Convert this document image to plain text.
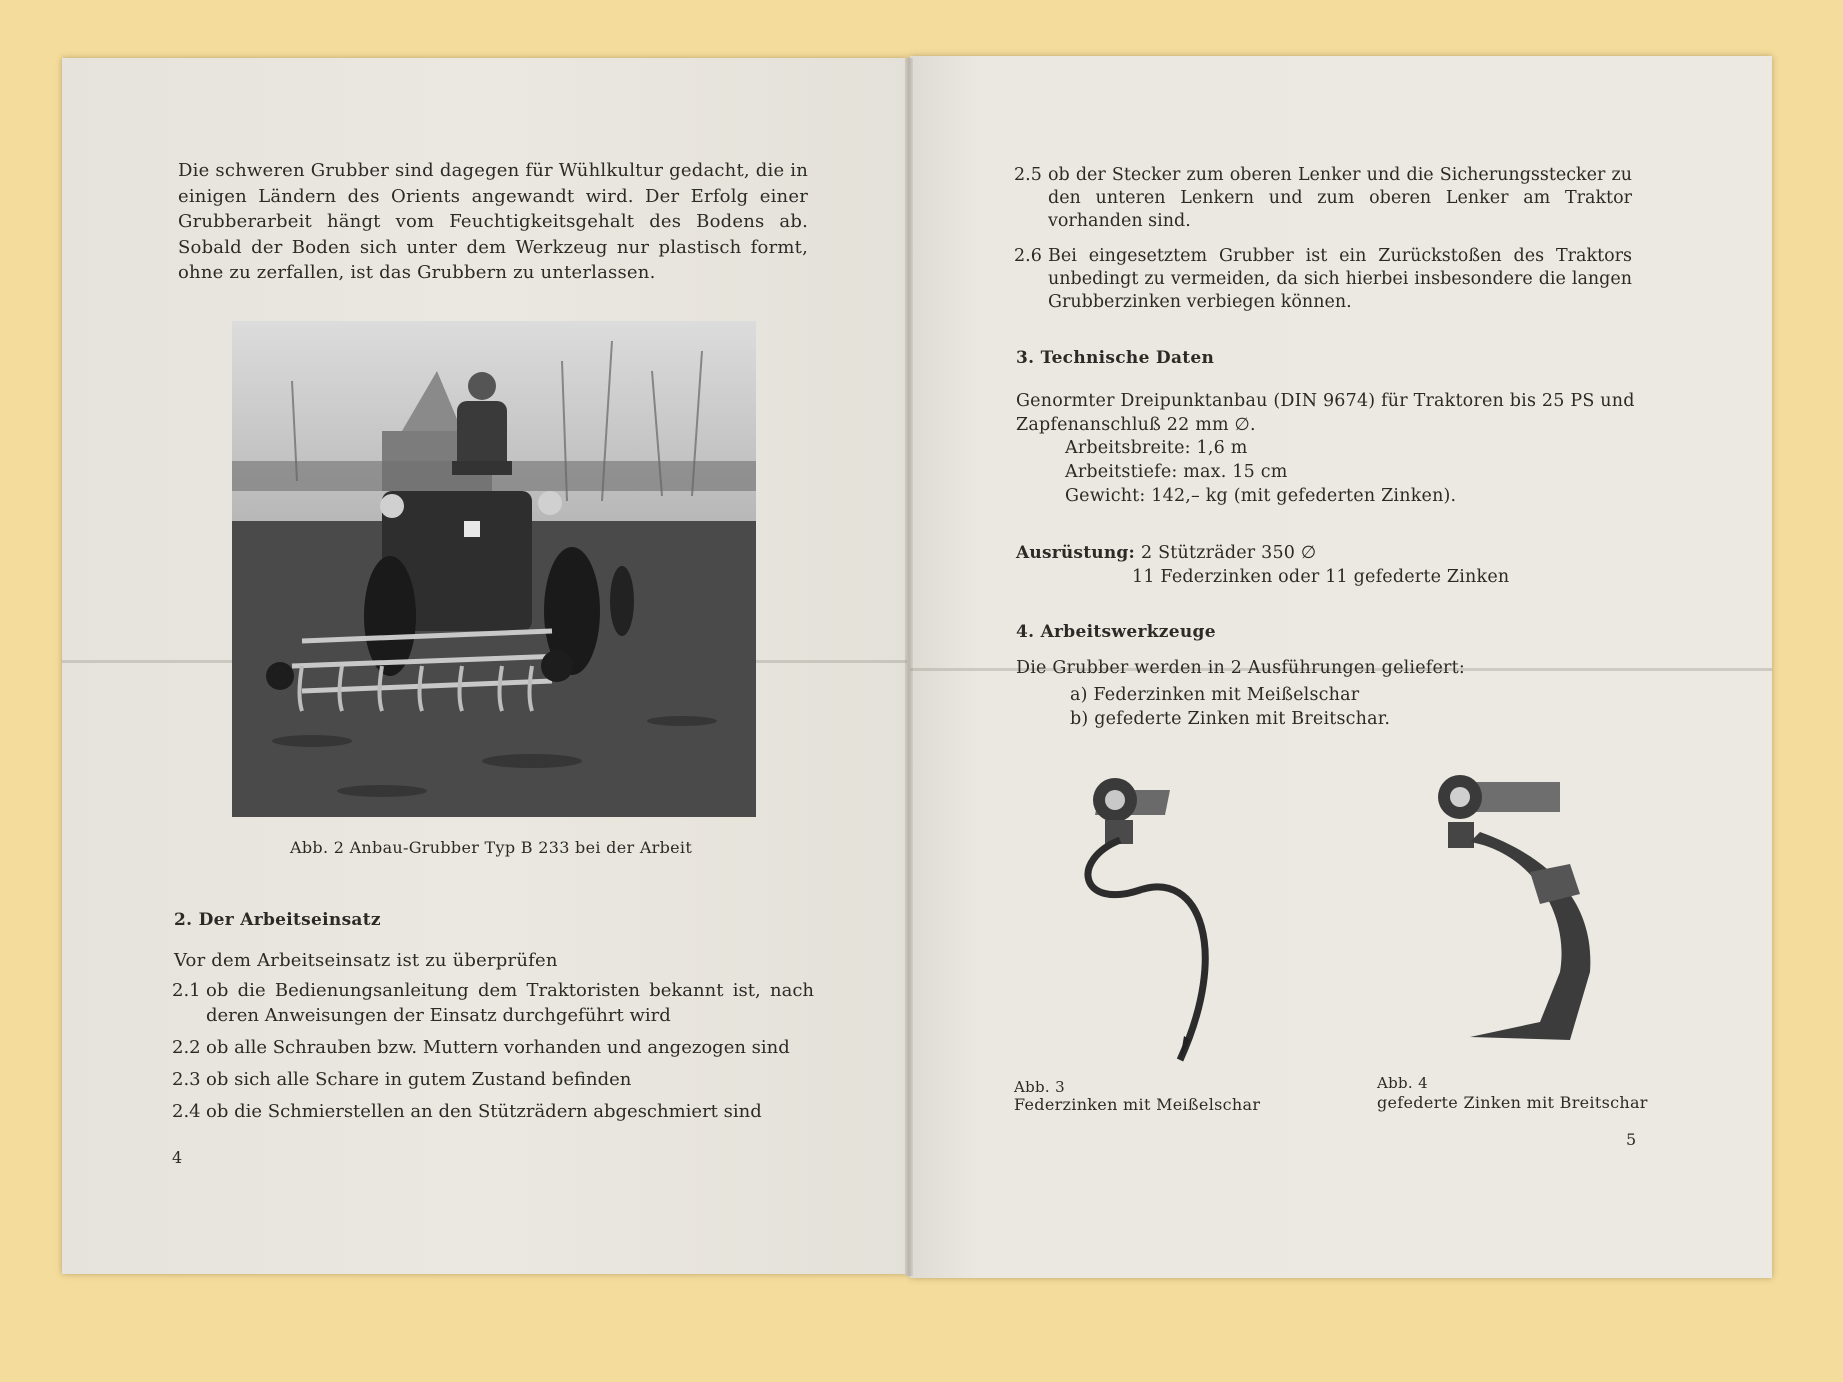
Die schweren Grubber sind dagegen für Wühlkultur gedacht, die in einigen Ländern des Orients angewandt wird. Der Erfolg einer Grubberarbeit hängt vom Feuchtigkeitsgehalt des Bodens ab. Sobald der Boden sich unter dem Werkzeug nur plastisch formt, ohne zu zerfallen, ist das Grubbern zu unterlassen.
Abb. 2 Anbau-Grubber Typ B 233 bei der Arbeit
2. Der Arbeitseinsatz
Vor dem Arbeitseinsatz ist zu überprüfen
2.1 ob die Bedienungsanleitung dem Traktoristen bekannt ist, nach deren Anweisungen der Einsatz durchgeführt wird
2.2 ob alle Schrauben bzw. Muttern vorhanden und angezogen sind
2.3 ob sich alle Schare in gutem Zustand befinden
2.4 ob die Schmierstellen an den Stützrädern abgeschmiert sind
4
2.5 ob der Stecker zum oberen Lenker und die Sicherungsstecker zu den unteren Lenkern und zum oberen Lenker am Traktor vorhanden sind.
2.6 Bei eingesetztem Grubber ist ein Zurückstoßen des Traktors unbedingt zu vermeiden, da sich hierbei insbesondere die langen Grubberzinken verbiegen können.
3. Technische Daten
Genormter Dreipunktanbau (DIN 9674) für Traktoren bis 25 PS und
Zapfenanschluß 22 mm ∅.
Arbeitsbreite: 1,6 m
Arbeitstiefe: max. 15 cm
Gewicht: 142,– kg (mit gefederten Zinken).
Ausrüstung: 2 Stützräder 350 ∅
11 Federzinken oder 11 gefederte Zinken
4. Arbeitswerkzeuge
Die Grubber werden in 2 Ausführungen geliefert:
a) Federzinken mit Meißelschar
b) gefederte Zinken mit Breitschar.
Abb. 3
Federzinken mit Meißelschar
Abb. 4
gefederte Zinken mit Breitschar
5
